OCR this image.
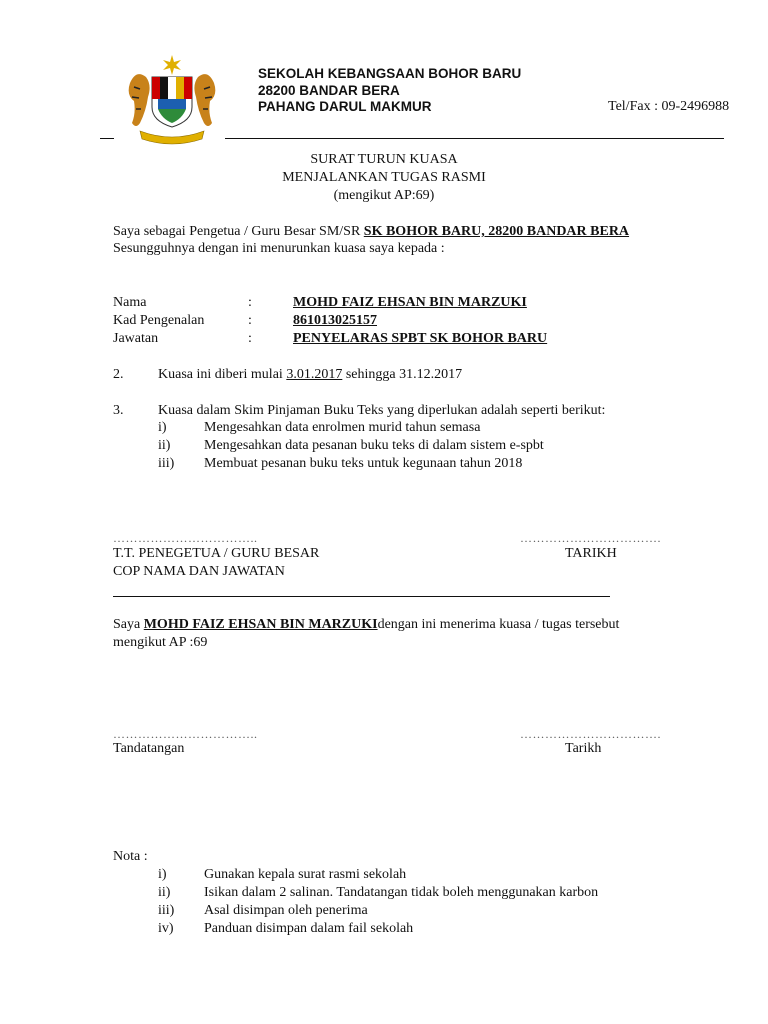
SEKOLAH KEBANGSAAN BOHOR BARU
28200 BANDAR BERA
PAHANG DARUL MAKMUR	Tel/Fax : 09-2496988
SURAT TURUN KUASA
MENJALANKAN TUGAS RASMI
(mengikut AP:69)
Saya sebagai Pengetua / Guru Besar SM/SR SK BOHOR BARU, 28200 BANDAR BERA
Sesungguhnya dengan ini menurunkan kuasa saya kepada :
Nama	:	MOHD FAIZ EHSAN BIN MARZUKI
Kad Pengenalan	:	861013025157
Jawatan	:	PENYELARAS SPBT SK BOHOR BARU
2. Kuasa ini diberi mulai 3.01.2017 sehingga 31.12.2017
3. Kuasa dalam Skim Pinjaman Buku Teks yang diperlukan adalah seperti berikut:
i)	Mengesahkan data enrolmen murid tahun semasa
ii) Mengesahkan data pesanan buku teks di dalam sistem e-spbt
iii) Membuat pesanan buku teks untuk kegunaan tahun 2018
……………………………..	…………………………….
T.T. PENEGETUA / GURU BESAR	TARIKH
COP NAMA DAN JAWATAN
Saya MOHD FAIZ EHSAN BIN MARZUKIdengan ini menerima kuasa / tugas tersebut
mengikut AP :69
……………………………..	…………………………….
Tandatangan	Tarikh
Nota :
i)	Gunakan kepala surat rasmi sekolah
ii) Isikan dalam 2 salinan. Tandatangan tidak boleh menggunakan karbon
iii) Asal disimpan oleh penerima
iv) Panduan disimpan dalam fail sekolah
